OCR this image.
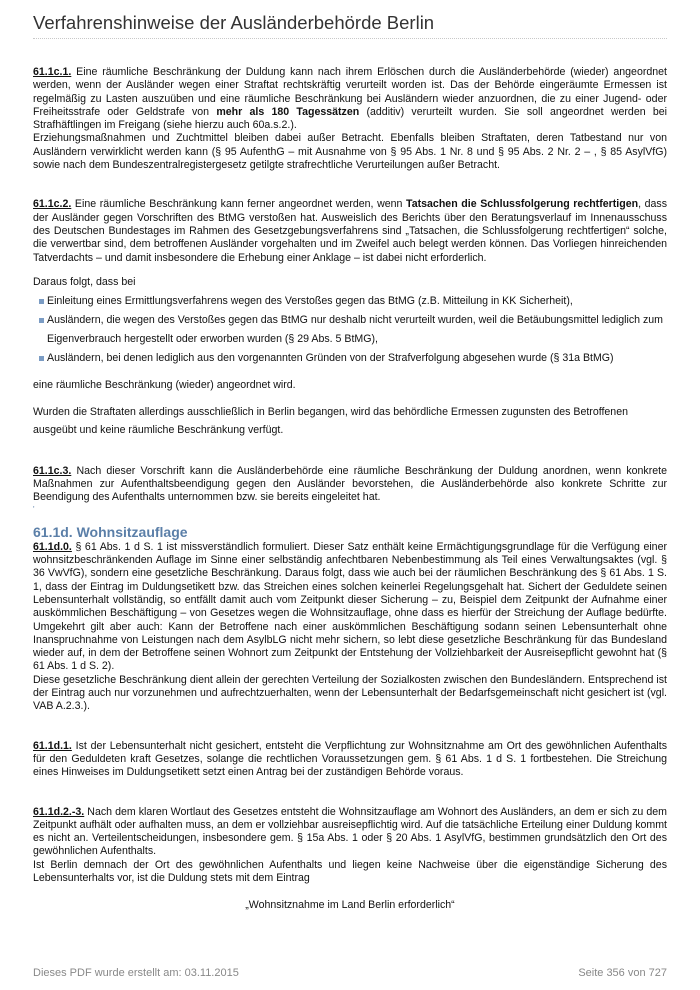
Verfahrenshinweise der Ausländerbehörde Berlin

61.1c.1. Eine räumliche Beschränkung der Duldung kann nach ihrem Erlöschen durch die Ausländerbehörde (wieder) angeordnet werden, wenn der Ausländer wegen einer Straftat rechtskräftig verurteilt worden ist. Das der Behörde eingeräumte Ermessen ist regelmäßig zu Lasten auszuüben und eine räumliche Beschränkung bei Ausländern wieder anzuordnen, die zu einer Jugend- oder Freiheitsstrafe oder Geldstrafe von mehr als 180 Tagessätzen (additiv) verurteilt wurden. Sie soll angeordnet werden bei Strafhäftlingen im Freigang (siehe hierzu auch 60a.s.2.).

Erziehungsmaßnahmen und Zuchtmittel bleiben dabei außer Betracht. Ebenfalls bleiben Straftaten, deren Tatbestand nur von Ausländern verwirklicht werden kann (§ 95 AufenthG – mit Ausnahme von § 95 Abs. 1 Nr. 8 und § 95 Abs. 2 Nr. 2 – , § 85 AsylVfG) sowie nach dem Bundeszentralregistergesetz getilgte strafrechtliche Verurteilungen außer Betracht.

61.1c.2. Eine räumliche Beschränkung kann ferner angeordnet werden, wenn Tatsachen die Schlussfolgerung rechtfertigen, dass der Ausländer gegen Vorschriften des BtMG verstoßen hat. Ausweislich des Berichts über den Beratungsverlauf im Innenausschuss des Deutschen Bundestages im Rahmen des Gesetzgebungsverfahrens sind „Tatsachen, die Schlussfolgerung rechtfertigen“ solche, die verwertbar sind, dem betroffenen Ausländer vorgehalten und im Zweifel auch belegt werden können. Das Vorliegen hinreichenden Tatverdachts – und damit insbesondere die Erhebung einer Anklage – ist dabei nicht erforderlich.

Daraus folgt, dass bei

Einleitung eines Ermittlungsverfahrens wegen des Verstoßes gegen das BtMG (z.B. Mitteilung in KK Sicherheit),
Ausländern, die wegen des Verstoßes gegen das BtMG nur deshalb nicht verurteilt wurden, weil die Betäubungsmittel lediglich zum Eigenverbrauch hergestellt oder erworben wurden (§ 29 Abs. 5 BtMG),
Ausländern, bei denen lediglich aus den vorgenannten Gründen von der Strafverfolgung abgesehen wurde (§ 31a BtMG)

eine räumliche Beschränkung (wieder) angeordnet wird.

Wurden die Straftaten allerdings ausschließlich in Berlin begangen, wird das behördliche Ermessen zugunsten des Betroffenen ausgeübt und keine räumliche Beschränkung verfügt.

61.1c.3. Nach dieser Vorschrift kann die Ausländerbehörde eine räumliche Beschränkung der Duldung anordnen, wenn konkrete Maßnahmen zur Aufenthaltsbeendigung gegen den Ausländer bevorstehen, die Ausländerbehörde also konkrete Schritte zur Beendigung des Aufenthalts unternommen bzw. sie bereits eingeleitet hat.

'
61.1d. Wohnsitzauflage

61.1d.0. § 61 Abs. 1 d S. 1 ist missverständlich formuliert. Dieser Satz enthält keine Ermächtigungsgrundlage für die Verfügung einer wohnsitzbeschränkenden Auflage im Sinne einer selbständig anfechtbaren Nebenbestimmung als Teil eines Verwaltungsaktes (vgl. § 36 VwVfG), sondern eine gesetzliche Beschränkung. Daraus folgt, dass wie auch bei der räumlichen Beschränkung des § 61 Abs. 1 S. 1, dass der Eintrag im Duldungsetikett bzw. das Streichen eines solchen keinerlei Regelungsgehalt hat. Sichert der Geduldete seinen Lebensunterhalt vollständig, so entfällt damit auch vom Zeitpunkt dieser Sicherung – zu, Beispiel dem Zeitpunkt der Aufnahme einer auskömmlichen Beschäftigung – von Gesetzes wegen die Wohnsitzauflage, ohne dass es hierfür der Streichung der Auflage bedürfte. Umgekehrt gilt aber auch: Kann der Betroffene nach einer auskömmlichen Beschäftigung sodann seinen Lebensunterhalt ohne Inanspruchnahme von Leistungen nach dem AsylbLG nicht mehr sichern, so lebt diese gesetzliche Beschränkung für das Bundesland wieder auf, in dem der Betroffene seinen Wohnort zum Zeitpunkt der Entstehung der Vollziehbarkeit der Ausreisepflicht gewohnt hat (§ 61 Abs. 1 d S. 2).

Diese gesetzliche Beschränkung dient allein der gerechten Verteilung der Sozialkosten zwischen den Bundesländern. Entsprechend ist der Eintrag auch nur vorzunehmen und aufrechtzuerhalten, wenn der Lebensunterhalt der Bedarfsgemeinschaft nicht gesichert ist (vgl. VAB A.2.3.).

61.1d.1. Ist der Lebensunterhalt nicht gesichert, entsteht die Verpflichtung zur Wohnsitznahme am Ort des gewöhnlichen Aufenthalts für den Geduldeten kraft Gesetzes, solange die rechtlichen Voraussetzungen gem. § 61 Abs. 1 d S. 1 fortbestehen. Die Streichung eines Hinweises im Duldungsetikett setzt einen Antrag bei der zuständigen Behörde voraus.

61.1d.2.-3. Nach dem klaren Wortlaut des Gesetzes entsteht die Wohnsitzauflage am Wohnort des Ausländers, an dem er sich zu dem Zeitpunkt aufhält oder aufhalten muss, an dem er vollziehbar ausreisepflichtig wird. Auf die tatsächliche Erteilung einer Duldung kommt es nicht an. Verteilentscheidungen, insbesondere gem. § 15a Abs. 1 oder § 20 Abs. 1 AsylVfG, bestimmen grundsätzlich den Ort des gewöhnlichen Aufenthalts.

Ist Berlin demnach der Ort des gewöhnlichen Aufenthalts und liegen keine Nachweise über die eigenständige Sicherung des Lebensunterhalts vor, ist die Duldung stets mit dem Eintrag

„Wohnsitznahme im Land Berlin erforderlich“

Dieses PDF wurde erstellt am: 03.11.2015	Seite 356 von 727
